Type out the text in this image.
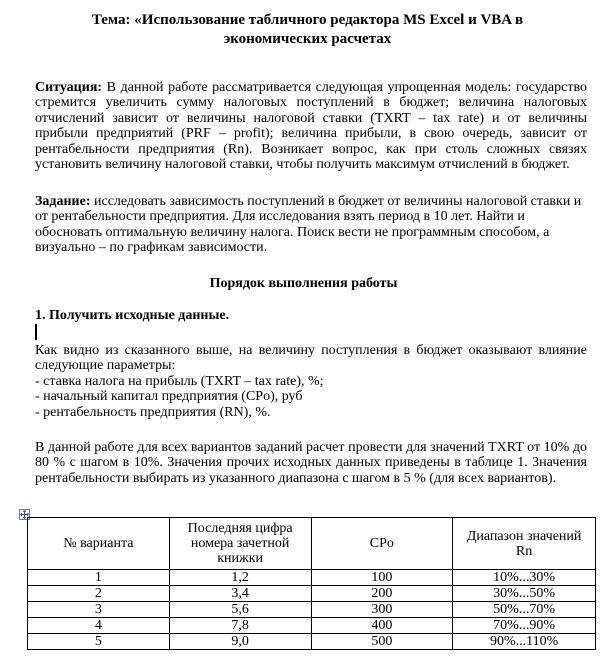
Тема: «Использование табличного редактора MS Excel и VBA в экономических расчетах
Ситуация: В данной работе рассматривается следующая упрощенная модель: государство стремится увеличить сумму налоговых поступлений в бюджет; величина налоговых отчислений зависит от величины налоговой ставки (TXRT – tax rate) и от величины прибыли предприятий (PRF – profit); величина прибыли, в свою очередь, зависит от рентабельности предприятия (Rn). Возникает вопрос, как при столь сложных связях установить величину налоговой ставки, чтобы получить максимум отчислений в бюджет.
Задание: исследовать зависимость поступлений в бюджет от величины налоговой ставки и от рентабельности предприятия. Для исследования взять период в 10 лет. Найти и обосновать оптимальную величину налога. Поиск вести не программным способом, а визуально – по графикам зависимости.
Порядок выполнения работы
1. Получить исходные данные.
Как видно из сказанного выше, на величину поступления в бюджет оказывают влияние следующие параметры:
- ставка налога на прибыль (TXRT – tax rate), %;
- начальный капитал предприятия (CPo), руб
- рентабельность предприятия (RN), %.
В данной работе для всех вариантов заданий расчет провести для значений TXRT от 10% до 80 % с шагом в 10%. Значения прочих исходных данных приведены в таблице 1. Значения рентабельности выбирать из указанного диапазона с шагом в 5 % (для всех вариантов).
№ варианта	Последняя цифра номера зачетной книжки	CPo	Диапазон значений Rn
1	1,2	100	10%...30%
2	3,4	200	30%...50%
3	5,6	300	50%...70%
4	7,8	400	70%...90%
5	9,0	500	90%...110%
